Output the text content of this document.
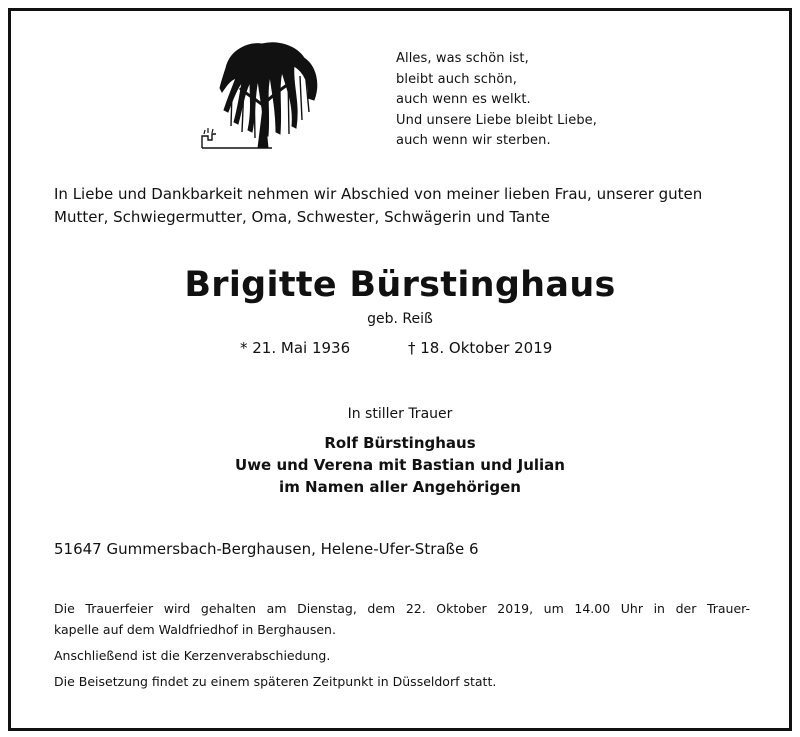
Alles, was schön ist,
bleibt auch schön,
auch wenn es welkt.
Und unsere Liebe bleibt Liebe,
auch wenn wir sterben.
In Liebe und Dankbarkeit nehmen wir Abschied von meiner lieben Frau, unserer guten
Mutter, Schwiegermutter, Oma, Schwester, Schwägerin und Tante
Brigitte Bürstinghaus
geb. Reiß
* 21. Mai 1936	† 18. Oktober 2019
In stiller Trauer
Rolf Bürstinghaus
Uwe und Verena mit Bastian und Julian
im Namen aller Angehörigen
51647 Gummersbach-Berghausen, Helene-Ufer-Straße 6
Die Trauerfeier wird gehalten am Dienstag, dem 22. Oktober 2019, um 14.00 Uhr in der Trauer-
kapelle auf dem Waldfriedhof in Berghausen.
Anschließend ist die Kerzenverabschiedung.
Die Beisetzung findet zu einem späteren Zeitpunkt in Düsseldorf statt.
